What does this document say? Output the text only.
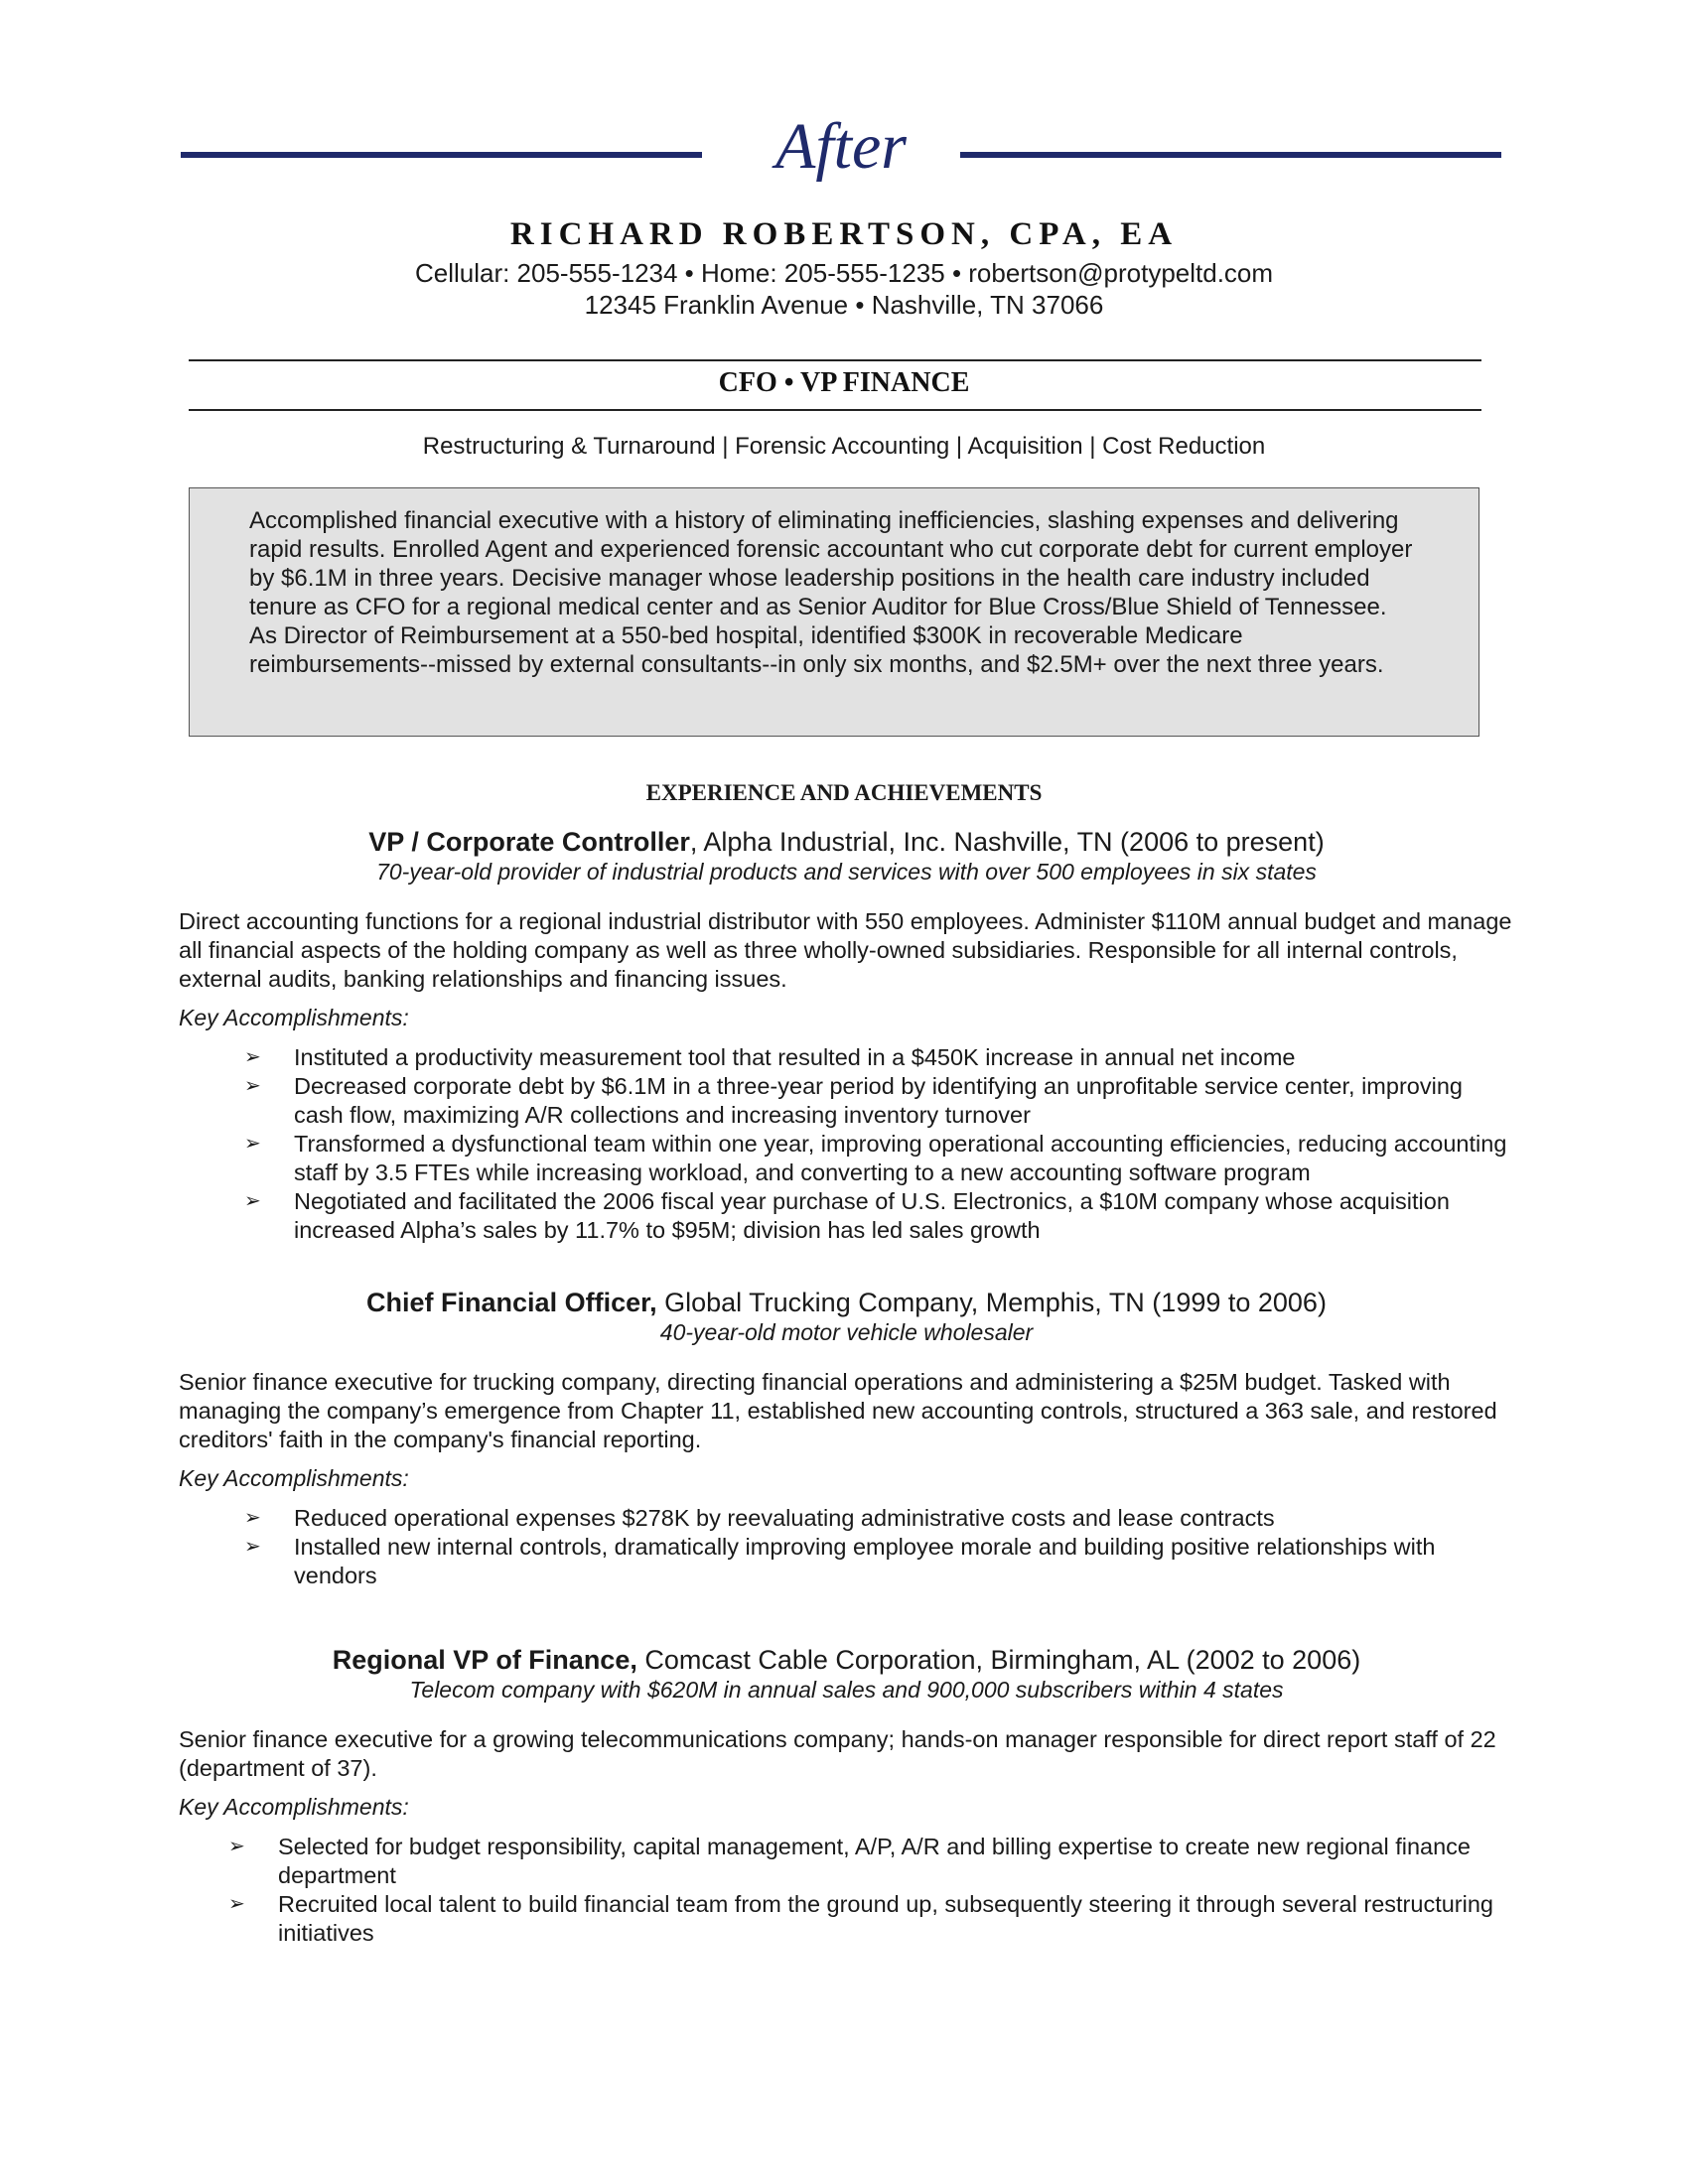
After
RICHARD ROBERTSON, CPA, EA
Cellular: 205-555-1234 • Home: 205-555-1235 • robertson@protypeltd.com
12345 Franklin Avenue • Nashville, TN 37066
CFO • VP FINANCE
Restructuring & Turnaround | Forensic Accounting | Acquisition | Cost Reduction
Accomplished financial executive with a history of eliminating inefficiencies, slashing expenses and delivering rapid results. Enrolled Agent and experienced forensic accountant who cut corporate debt for current employer by $6.1M in three years. Decisive manager whose leadership positions in the health care industry included tenure as CFO for a regional medical center and as Senior Auditor for Blue Cross/Blue Shield of Tennessee. As Director of Reimbursement at a 550-bed hospital, identified $300K in recoverable Medicare reimbursements--missed by external consultants--in only six months, and $2.5M+ over the next three years.
EXPERIENCE AND ACHIEVEMENTS
VP / Corporate Controller, Alpha Industrial, Inc. Nashville, TN (2006 to present)
70-year-old provider of industrial products and services with over 500 employees in six states
Direct accounting functions for a regional industrial distributor with 550 employees. Administer $110M annual budget and manage all financial aspects of the holding company as well as three wholly-owned subsidiaries. Responsible for all internal controls, external audits, banking relationships and financing issues.
Key Accomplishments:
➢ Instituted a productivity measurement tool that resulted in a $450K increase in annual net income
➢ Decreased corporate debt by $6.1M in a three-year period by identifying an unprofitable service center, improving cash flow, maximizing A/R collections and increasing inventory turnover
➢ Transformed a dysfunctional team within one year, improving operational accounting efficiencies, reducing accounting staff by 3.5 FTEs while increasing workload, and converting to a new accounting software program
➢ Negotiated and facilitated the 2006 fiscal year purchase of U.S. Electronics, a $10M company whose acquisition increased Alpha’s sales by 11.7% to $95M; division has led sales growth
Chief Financial Officer, Global Trucking Company, Memphis, TN (1999 to 2006)
40-year-old motor vehicle wholesaler
Senior finance executive for trucking company, directing financial operations and administering a $25M budget. Tasked with managing the company’s emergence from Chapter 11, established new accounting controls, structured a 363 sale, and restored creditors' faith in the company's financial reporting.
Key Accomplishments:
➢ Reduced operational expenses $278K by reevaluating administrative costs and lease contracts
➢ Installed new internal controls, dramatically improving employee morale and building positive relationships with vendors
Regional VP of Finance, Comcast Cable Corporation, Birmingham, AL (2002 to 2006)
Telecom company with $620M in annual sales and 900,000 subscribers within 4 states
Senior finance executive for a growing telecommunications company; hands-on manager responsible for direct report staff of 22 (department of 37).
Key Accomplishments:
➢ Selected for budget responsibility, capital management, A/P, A/R and billing expertise to create new regional finance department
➢ Recruited local talent to build financial team from the ground up, subsequently steering it through several restructuring initiatives
